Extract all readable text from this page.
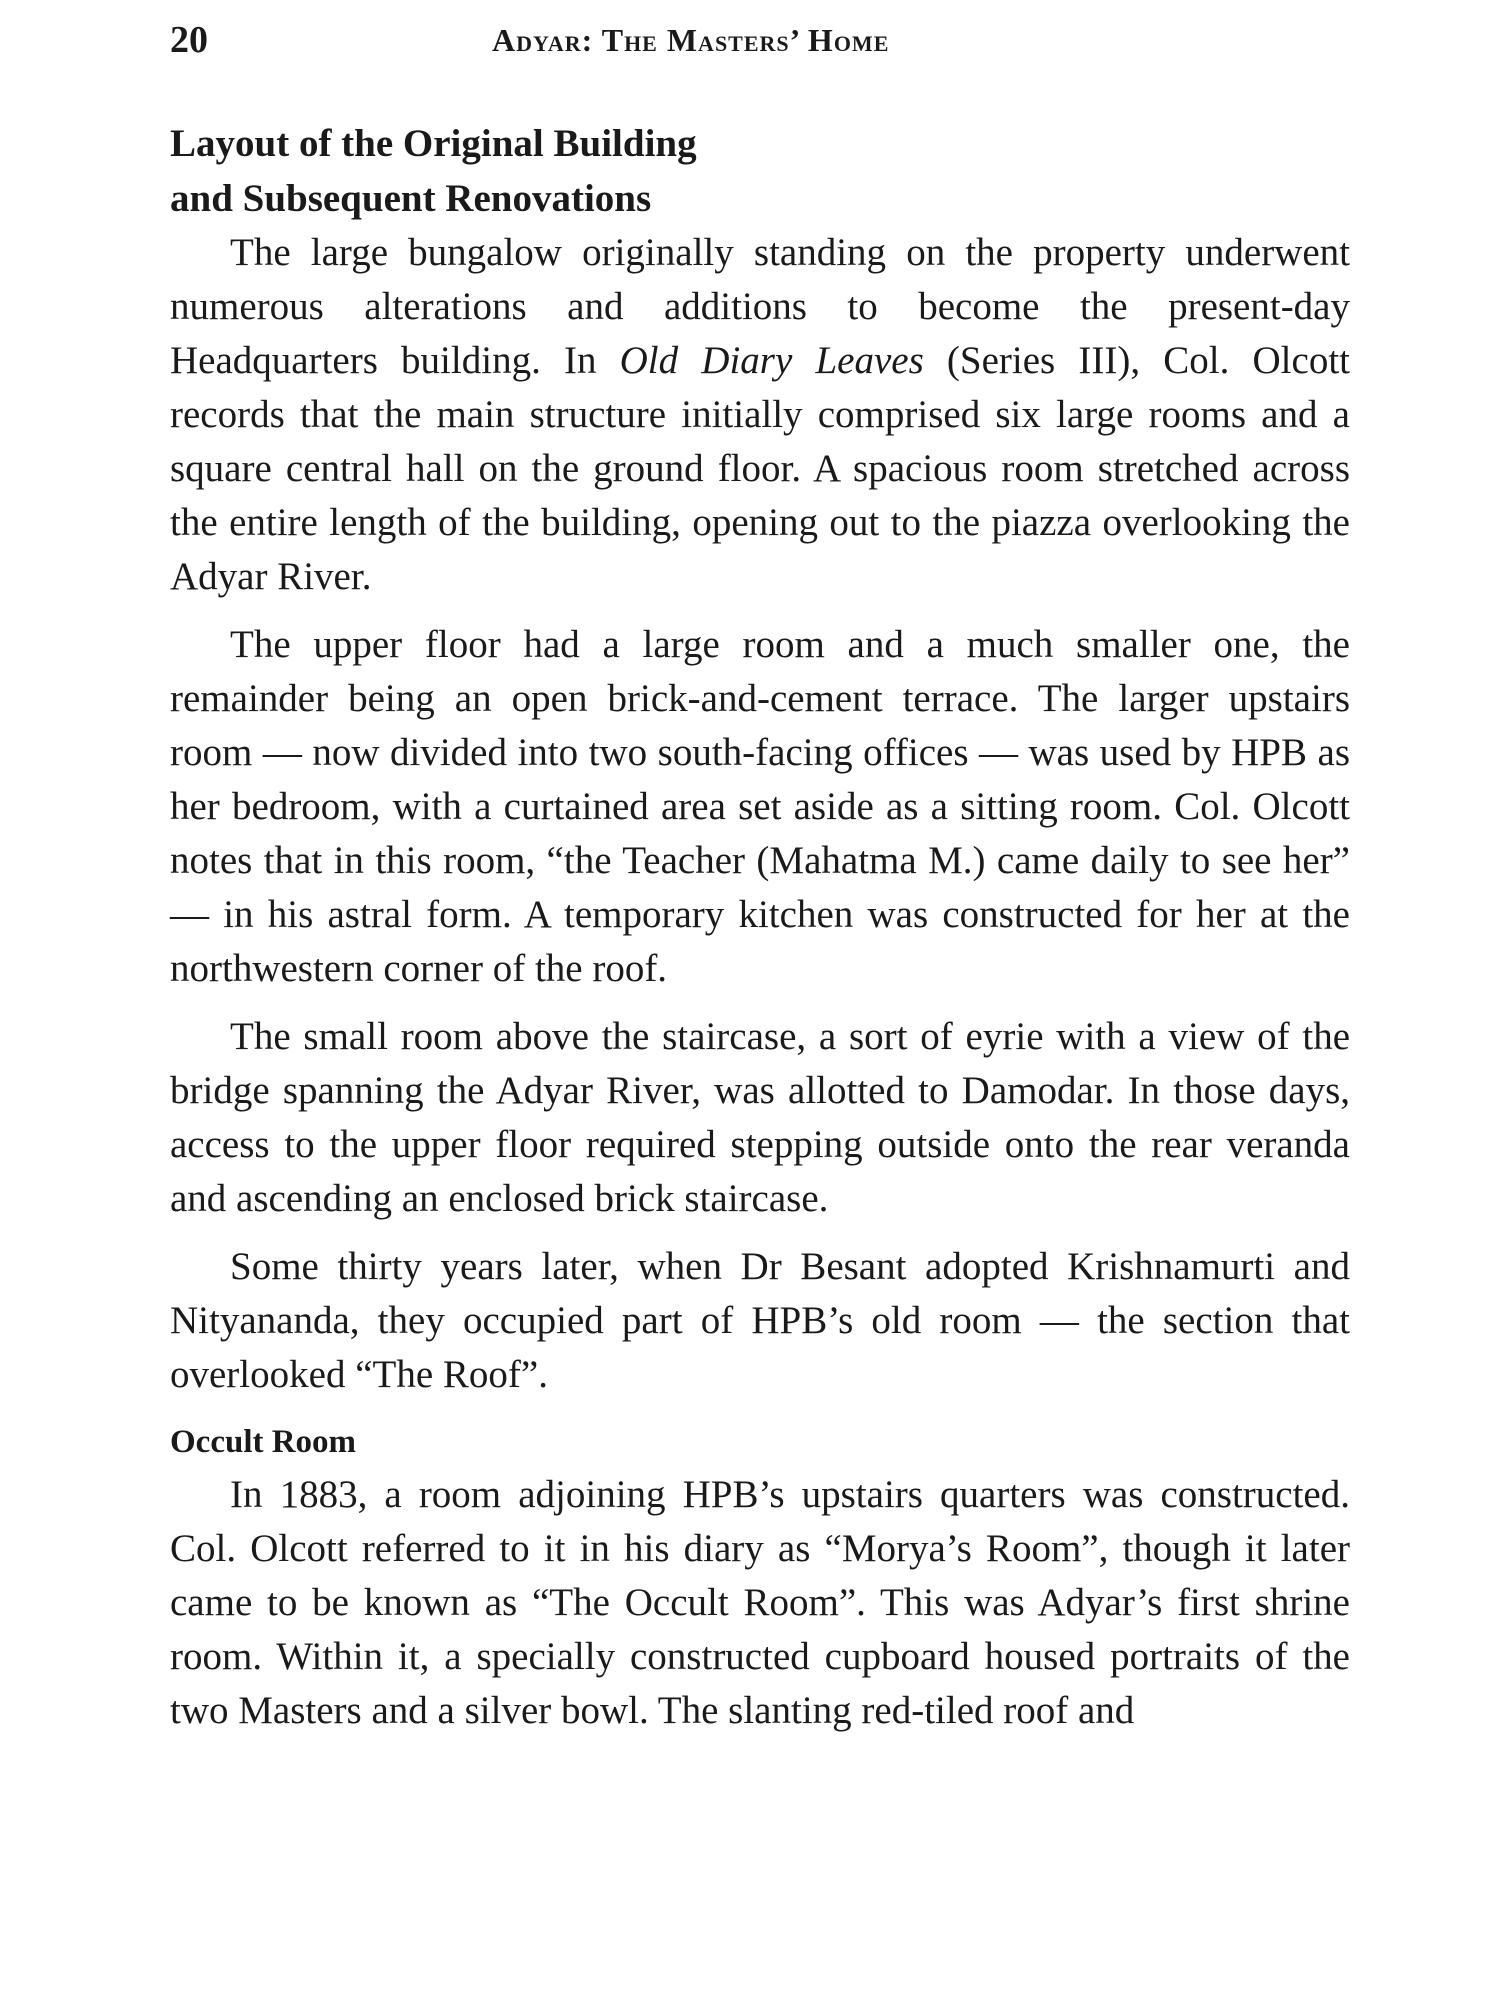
20	Adyar: The Masters’ Home
Layout of the Original Building
and Subsequent Renovations

The large bungalow originally standing on the property underwent numerous alterations and additions to become the present-day Headquarters building. In Old Diary Leaves (Series III), Col. Olcott records that the main structure initially comprised six large rooms and a square central hall on the ground floor. A spacious room stretched across the entire length of the building, opening out to the piazza overlooking the Adyar River.

The upper floor had a large room and a much smaller one, the remainder being an open brick-and-cement terrace. The larger upstairs room — now divided into two south-facing offices — was used by HPB as her bedroom, with a curtained area set aside as a sitting room. Col. Olcott notes that in this room, “the Teacher (Mahatma M.) came daily to see her” — in his astral form. A temporary kitchen was constructed for her at the northwestern corner of the roof.

The small room above the staircase, a sort of eyrie with a view of the bridge spanning the Adyar River, was allotted to Damodar. In those days, access to the upper floor required stepping outside onto the rear veranda and ascending an enclosed brick staircase.

Some thirty years later, when Dr Besant adopted Krishnamurti and Nityananda, they occupied part of HPB’s old room — the section that overlooked “The Roof”.

Occult Room

In 1883, a room adjoining HPB’s upstairs quarters was constructed. Col. Olcott referred to it in his diary as “Morya’s Room”, though it later came to be known as “The Occult Room”. This was Adyar’s first shrine room. Within it, a specially constructed cupboard housed portraits of the two Masters and a silver bowl. The slanting red-tiled roof and
